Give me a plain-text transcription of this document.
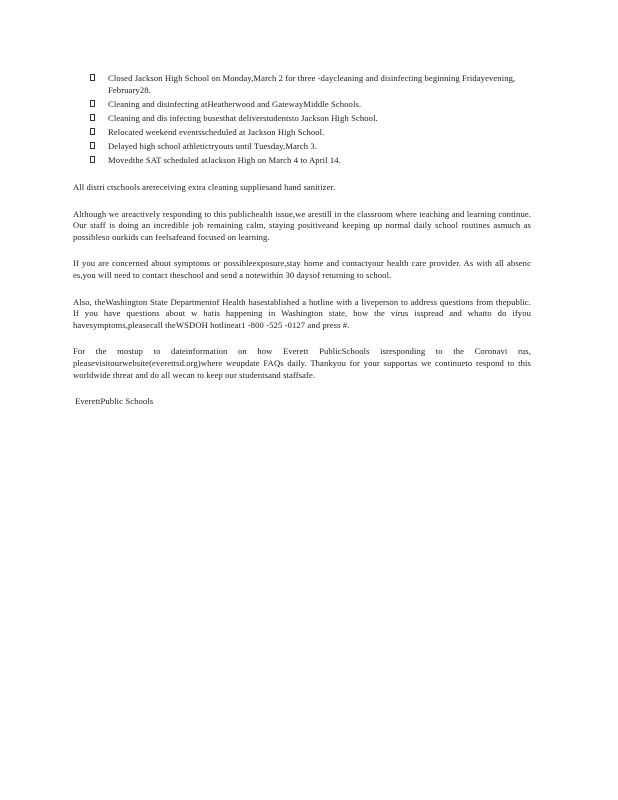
Closed Jackson High School on Monday,March 2 for three -daycleaning and disinfecting beginning Fridayevening, February28.
Cleaning and disinfecting atHeatherwood and GatewayMiddle Schools.
Cleaning and dis infecting busesthat deliverstudentsto Jackson High School.
Relocated weekend eventsscheduled at Jackson High School.
Delayed high school athletictryouts until Tuesday,March 3.
Movedthe SAT scheduled atJackson High on March 4 to April 14.

All distri ctschools arereceiving extra cleaning suppliesand hand sanitizer.

Although we areactively responding to this publichealth issue,we arestill in the classroom where teaching and learning continue. Our staff is doing an incredible job remaining calm, staying positiveand keeping up normal daily school routines asmuch as possibleso ourkids can feelsafeand focused on learning.

If you are concerned about symptoms or possibleexposure,stay home and contactyour health care provider. As with all absenc es,you will need to contact theschool and send a notewithin 30 daysof returning to school.

Also, theWashington State Departmentof Health hasestablished a hotline with a liveperson to address questions from thepublic. If you have questions about w hatis happening in Washington state, how the virus isspread and whatto do ifyou havesymptoms,pleasecall theWSDOH hotlineat1 -800 -525 -0127 and press #.

For the mostup to dateinformation on how Everett PublicSchools isresponding to the Coronavi rus, pleasevisitourwebsite(everettsd.org)where weupdate FAQs daily. Thankyou for your supportas we continueto respond to this worldwide threat and do all wecan to keep our studentsand staffsafe.

EverettPublic Schools
